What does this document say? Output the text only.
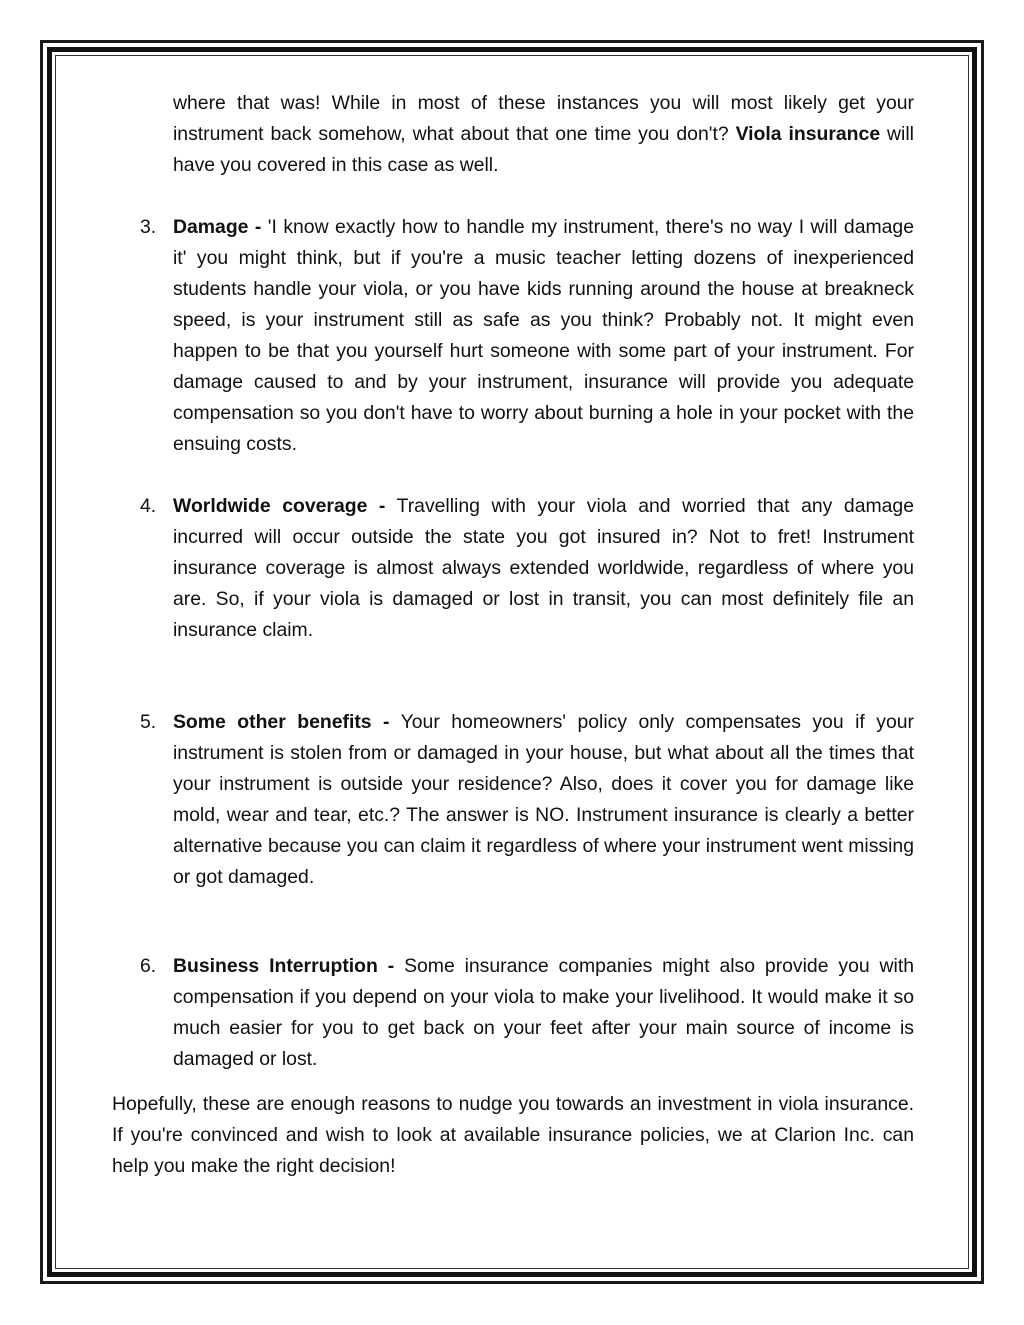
where that was! While in most of these instances you will most likely get your instrument back somehow, what about that one time you don't? Viola insurance will have you covered in this case as well.

3. Damage - 'I know exactly how to handle my instrument, there's no way I will damage it' you might think, but if you're a music teacher letting dozens of inexperienced students handle your viola, or you have kids running around the house at breakneck speed, is your instrument still as safe as you think? Probably not. It might even happen to be that you yourself hurt someone with some part of your instrument. For damage caused to and by your instrument, insurance will provide you adequate compensation so you don't have to worry about burning a hole in your pocket with the ensuing costs.
4. Worldwide coverage - Travelling with your viola and worried that any damage incurred will occur outside the state you got insured in? Not to fret! Instrument insurance coverage is almost always extended worldwide, regardless of where you are. So, if your viola is damaged or lost in transit, you can most definitely file an insurance claim.
5. Some other benefits - Your homeowners' policy only compensates you if your instrument is stolen from or damaged in your house, but what about all the times that your instrument is outside your residence? Also, does it cover you for damage like mold, wear and tear, etc.? The answer is NO. Instrument insurance is clearly a better alternative because you can claim it regardless of where your instrument went missing or got damaged.
6. Business Interruption - Some insurance companies might also provide you with compensation if you depend on your viola to make your livelihood. It would make it so much easier for you to get back on your feet after your main source of income is damaged or lost.

Hopefully, these are enough reasons to nudge you towards an investment in viola insurance. If you're convinced and wish to look at available insurance policies, we at Clarion Inc. can help you make the right decision!
